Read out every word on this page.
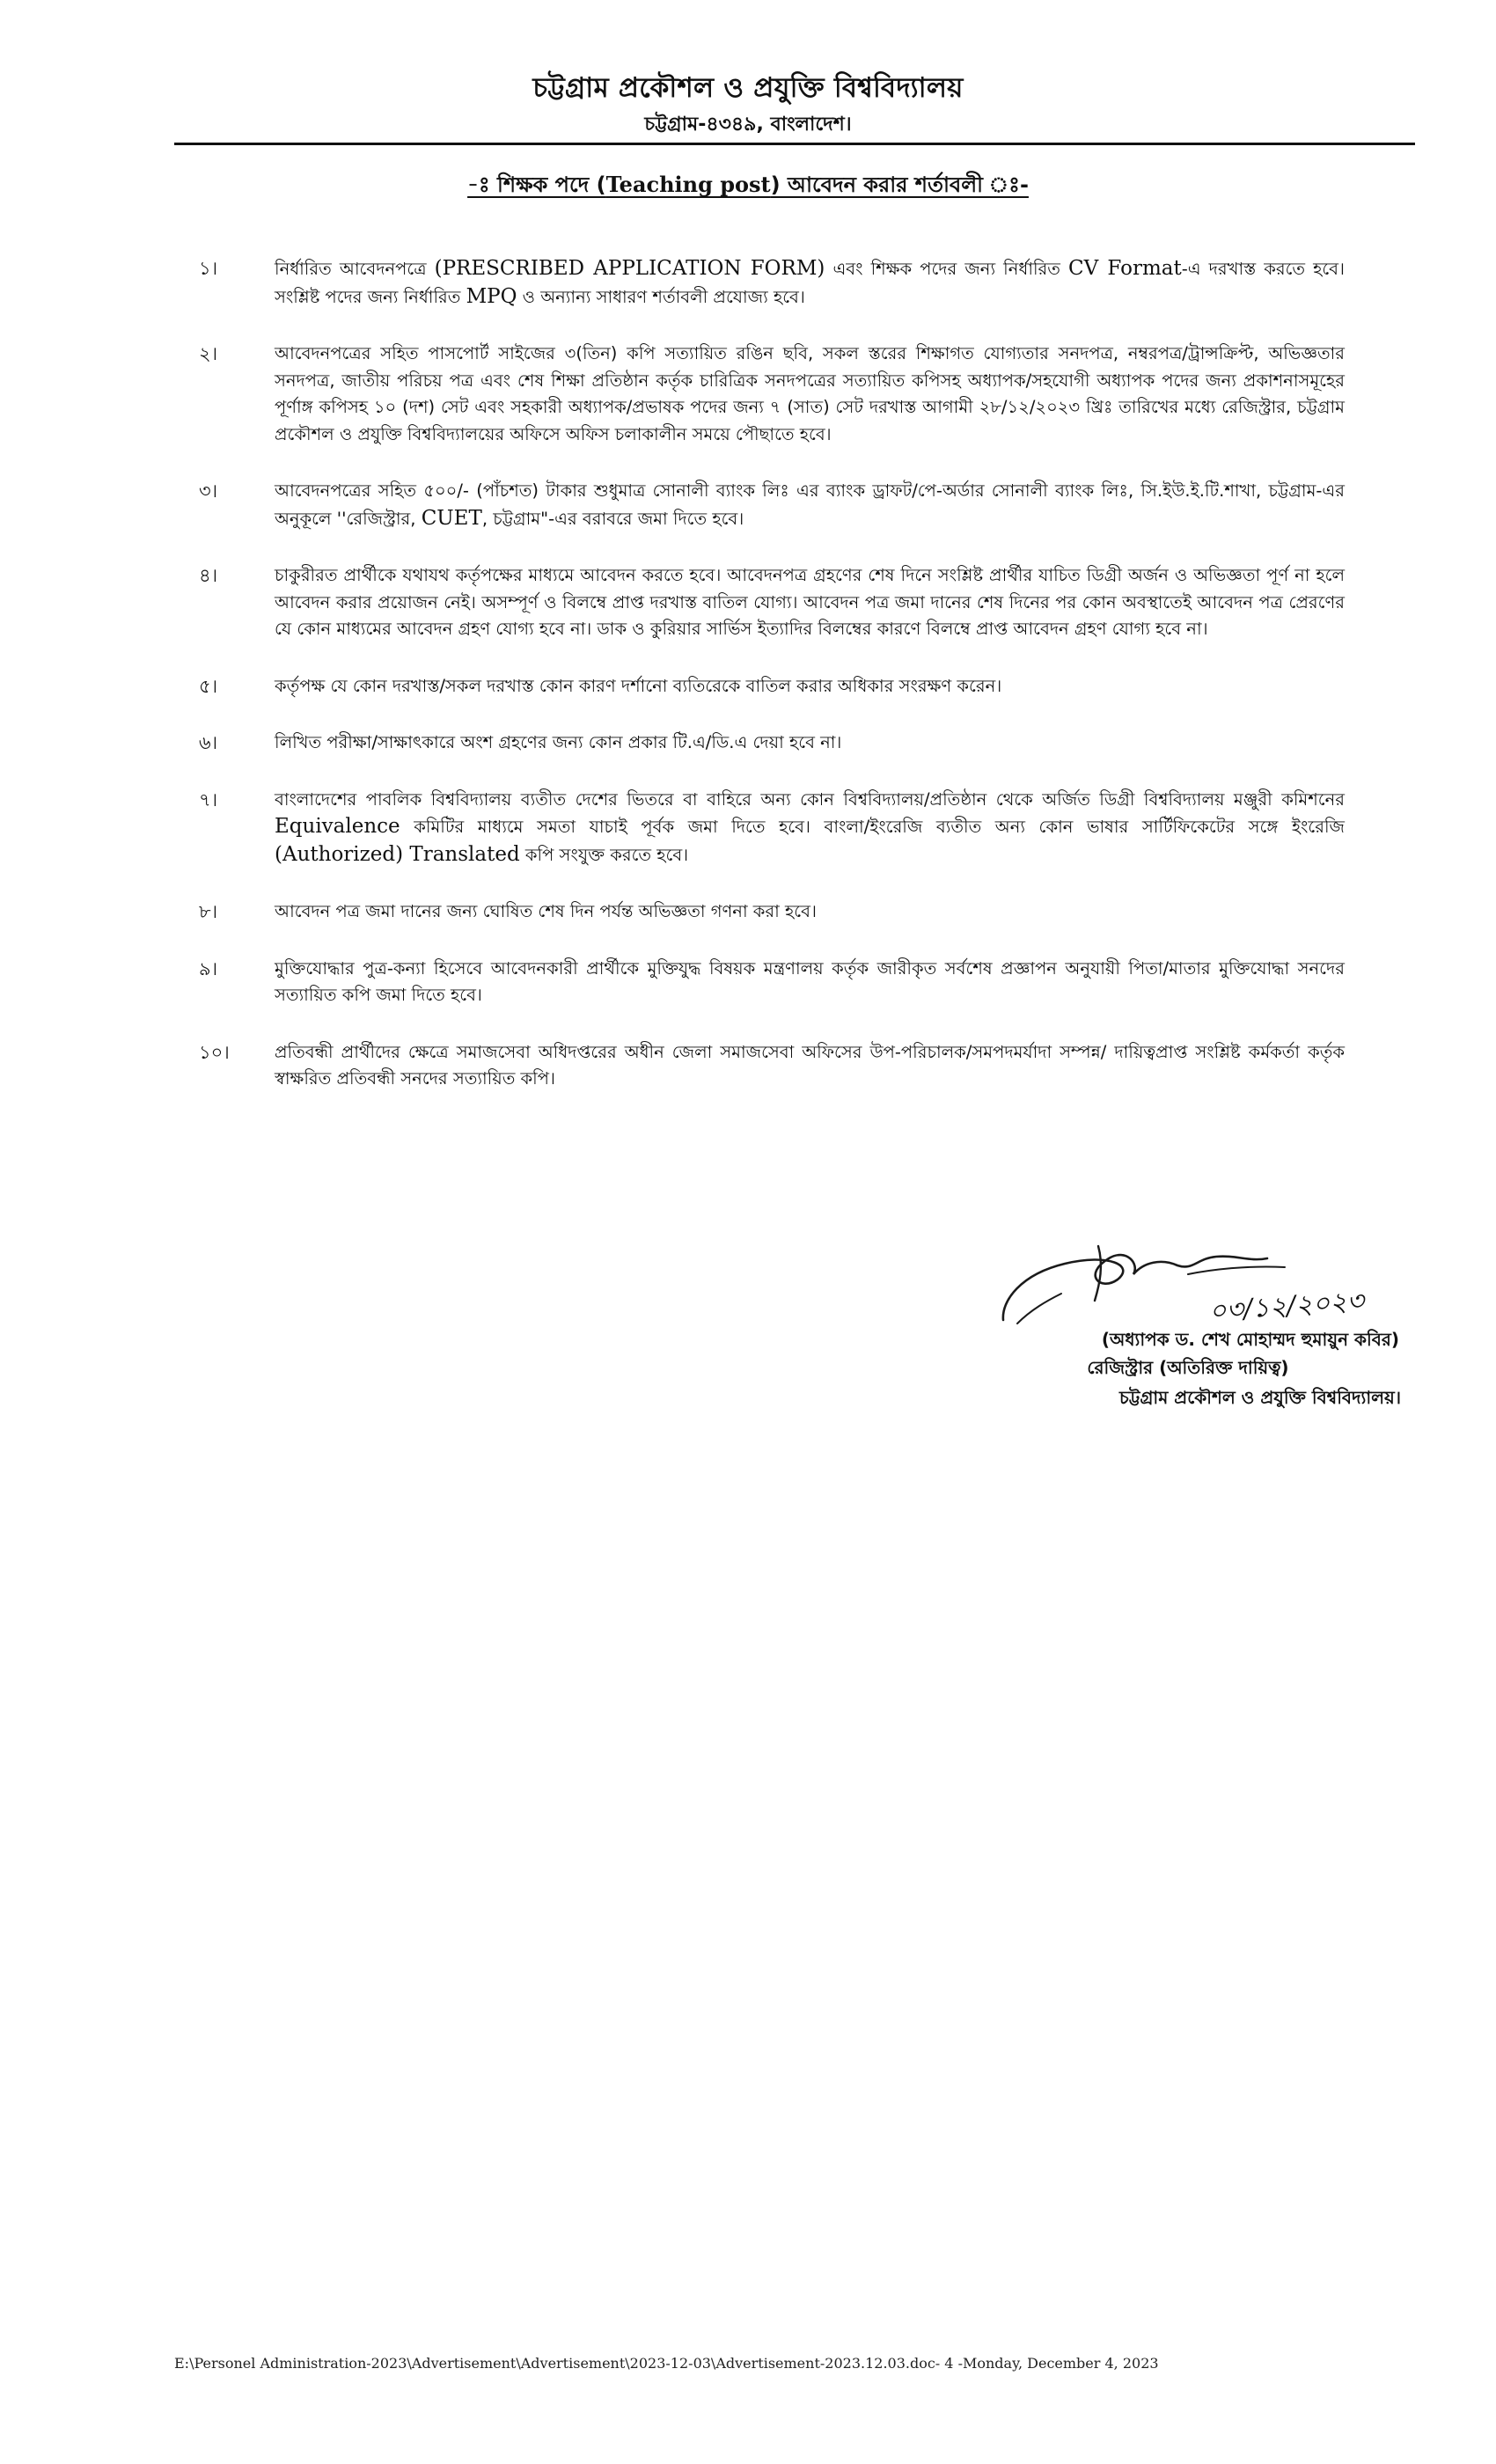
চট্টগ্রাম প্রকৌশল ও প্রযুক্তি বিশ্ববিদ্যালয়
চট্টগ্রাম-৪৩৪৯, বাংলাদেশ।
-ঃ শিক্ষক পদে (Teaching post) আবেদন করার শর্তাবলী ঃ-
১।	নির্ধারিত আবেদনপত্রে (PRESCRIBED APPLICATION FORM) এবং শিক্ষক পদের জন্য নির্ধারিত CV Format-এ দরখাস্ত করতে হবে। সংশ্লিষ্ট পদের জন্য নির্ধারিত MPQ ও অন্যান্য সাধারণ শর্তাবলী প্রযোজ্য হবে।
২।	আবেদনপত্রের সহিত পাসপোর্ট সাইজের ৩(তিন) কপি সত্যায়িত রঙিন ছবি, সকল স্তরের শিক্ষাগত যোগ্যতার সনদপত্র, নম্বরপত্র/ট্রান্সক্রিপ্ট, অভিজ্ঞতার সনদপত্র, জাতীয় পরিচয় পত্র এবং শেষ শিক্ষা প্রতিষ্ঠান কর্তৃক চারিত্রিক সনদপত্রের সত্যায়িত কপিসহ অধ্যাপক/সহযোগী অধ্যাপক পদের জন্য প্রকাশনাসমূহের পূর্ণাঙ্গ কপিসহ ১০ (দশ) সেট এবং সহকারী অধ্যাপক/প্রভাষক পদের জন্য ৭ (সাত) সেট দরখাস্ত আগামী ২৮/১২/২০২৩ খ্রিঃ তারিখের মধ্যে রেজিস্ট্রার, চট্টগ্রাম প্রকৌশল ও প্রযুক্তি বিশ্ববিদ্যালয়ের অফিসে অফিস চলাকালীন সময়ে পৌছাতে হবে।
৩।	আবেদনপত্রের সহিত ৫০০/- (পাঁচশত) টাকার শুধুমাত্র সোনালী ব্যাংক লিঃ এর ব্যাংক ড্রাফট/পে-অর্ডার সোনালী ব্যাংক লিঃ, সি.ইউ.ই.টি.শাখা, চট্টগ্রাম-এর অনুকূলে ''রেজিস্ট্রার, CUET, চট্টগ্রাম"-এর বরাবরে জমা দিতে হবে।
৪।	চাকুরীরত প্রার্থীকে যথাযথ কর্তৃপক্ষের মাধ্যমে আবেদন করতে হবে। আবেদনপত্র গ্রহণের শেষ দিনে সংশ্লিষ্ট প্রার্থীর যাচিত ডিগ্রী অর্জন ও অভিজ্ঞতা পূর্ণ না হলে আবেদন করার প্রয়োজন নেই। অসম্পূর্ণ ও বিলম্বে প্রাপ্ত দরখাস্ত বাতিল যোগ্য। আবেদন পত্র জমা দানের শেষ দিনের পর কোন অবস্থাতেই আবেদন পত্র প্রেরণের যে কোন মাধ্যমের আবেদন গ্রহণ যোগ্য হবে না। ডাক ও কুরিয়ার সার্ভিস ইত্যাদির বিলম্বের কারণে বিলম্বে প্রাপ্ত আবেদন গ্রহণ যোগ্য হবে না।
৫।	কর্তৃপক্ষ যে কোন দরখাস্ত/সকল দরখাস্ত কোন কারণ দর্শানো ব্যতিরেকে বাতিল করার অধিকার সংরক্ষণ করেন।
৬।	লিখিত পরীক্ষা/সাক্ষাৎকারে অংশ গ্রহণের জন্য কোন প্রকার টি.এ/ডি.এ দেয়া হবে না।
৭।	বাংলাদেশের পাবলিক বিশ্ববিদ্যালয় ব্যতীত দেশের ভিতরে বা বাহিরে অন্য কোন বিশ্ববিদ্যালয়/প্রতিষ্ঠান থেকে অর্জিত ডিগ্রী বিশ্ববিদ্যালয় মঞ্জুরী কমিশনের Equivalence কমিটির মাধ্যমে সমতা যাচাই পূর্বক জমা দিতে হবে। বাংলা/ইংরেজি ব্যতীত অন্য কোন ভাষার সার্টিফিকেটের সঙ্গে ইংরেজি (Authorized) Translated কপি সংযুক্ত করতে হবে।
৮।	আবেদন পত্র জমা দানের জন্য ঘোষিত শেষ দিন পর্যন্ত অভিজ্ঞতা গণনা করা হবে।
৯।	মুক্তিযোদ্ধার পুত্র-কন্যা হিসেবে আবেদনকারী প্রার্থীকে মুক্তিযুদ্ধ বিষয়ক মন্ত্রণালয় কর্তৃক জারীকৃত সর্বশেষ প্রজ্ঞাপন অনুযায়ী পিতা/মাতার মুক্তিযোদ্ধা সনদের সত্যায়িত কপি জমা দিতে হবে।
১০।	প্রতিবন্ধী প্রার্থীদের ক্ষেত্রে সমাজসেবা অধিদপ্তরের অধীন জেলা সমাজসেবা অফিসের উপ-পরিচালক/সমপদমর্যাদা সম্পন্ন/ দায়িত্বপ্রাপ্ত সংশ্লিষ্ট কর্মকর্তা কর্তৃক স্বাক্ষরিত প্রতিবন্ধী সনদের সত্যায়িত কপি।
০৩/১২/২০২৩
(অধ্যাপক ড. শেখ মোহাম্মদ হুমায়ুন কবির)
রেজিস্ট্রার (অতিরিক্ত দায়িত্ব)
চট্টগ্রাম প্রকৌশল ও প্রযুক্তি বিশ্ববিদ্যালয়।
E:\Personel Administration-2023\Advertisement\Advertisement\2023-12-03\Advertisement-2023.12.03.doc- 4 -Monday, December 4, 2023
